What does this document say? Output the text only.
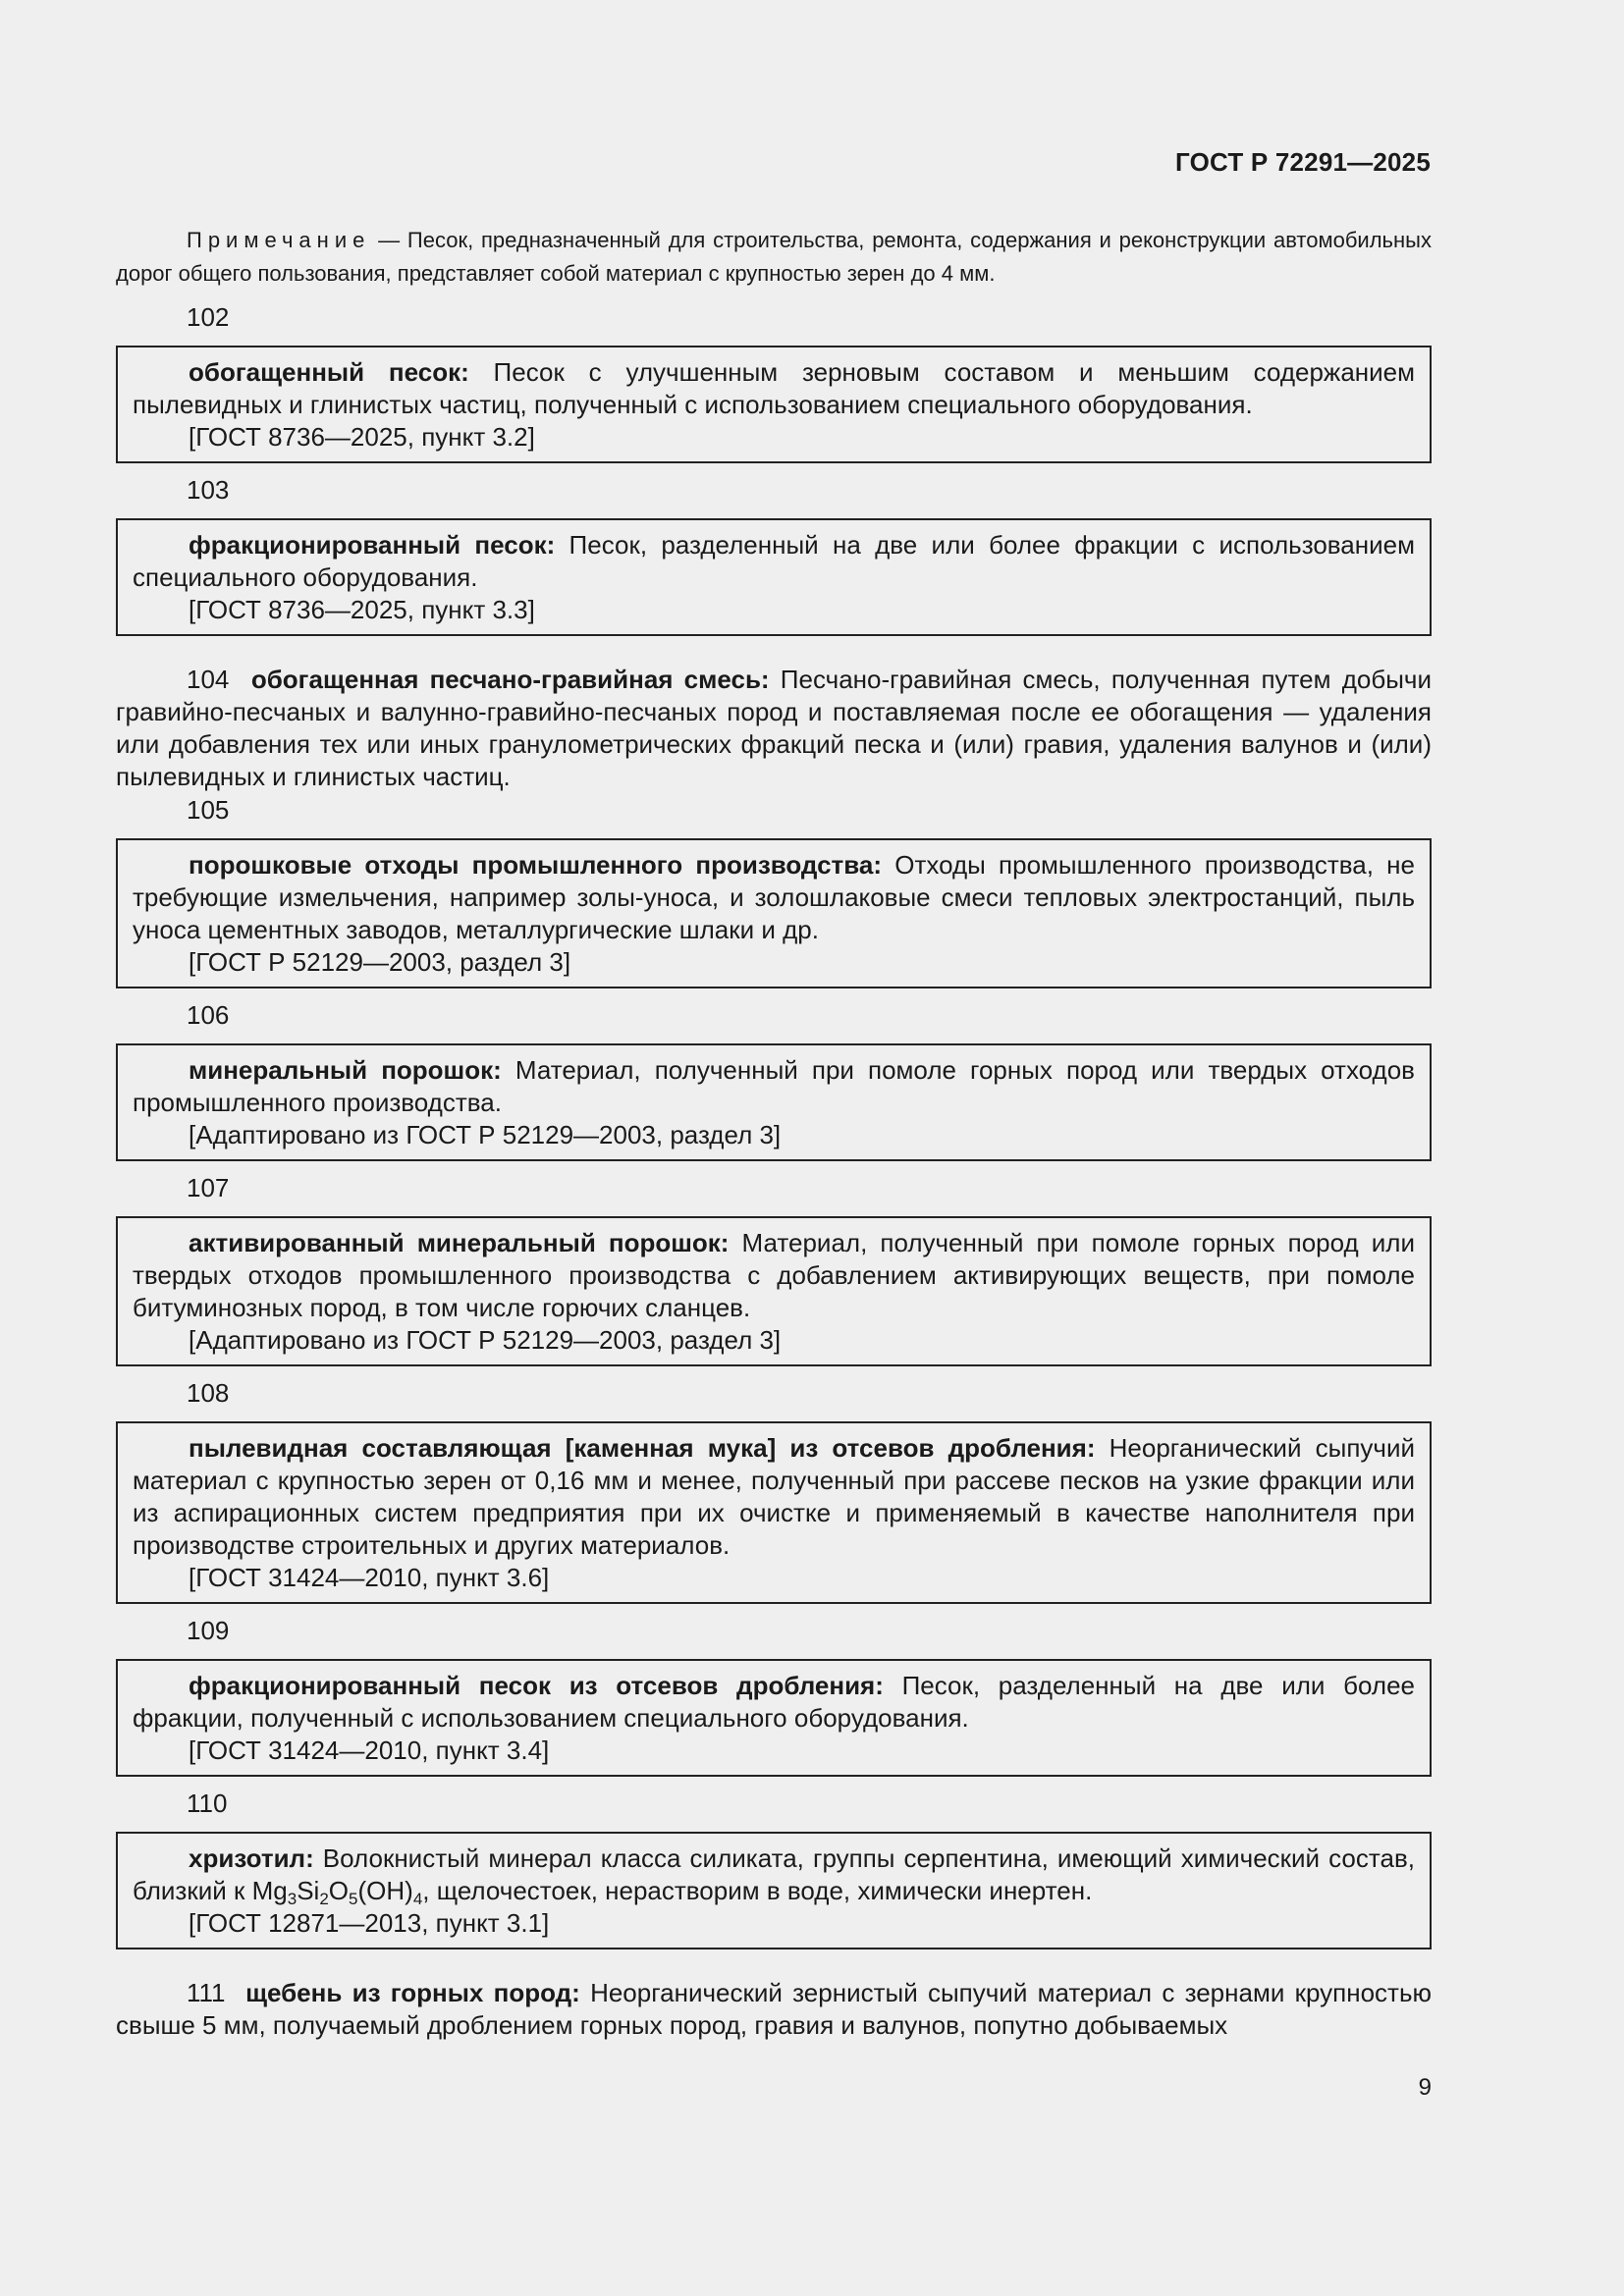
ГОСТ Р 72291—2025

Примечание — Песок, предназначенный для строительства, ремонта, содержания и реконструкции автомобильных дорог общего пользования, представляет собой материал с крупностью зерен до 4 мм.

102
обогащенный песок: Песок с улучшенным зерновым составом и меньшим содержанием пылевидных и глинистых частиц, полученный с использованием специального оборудования.
[ГОСТ 8736—2025, пункт 3.2]
103
фракционированный песок: Песок, разделенный на две или более фракции с использованием специального оборудования.
[ГОСТ 8736—2025, пункт 3.3]

104 обогащенная песчано-гравийная смесь: Песчано-гравийная смесь, полученная путем добычи гравийно-песчаных и валунно-гравийно-песчаных пород и поставляемая после ее обогащения — удаления или добавления тех или иных гранулометрических фракций песка и (или) гравия, удаления валунов и (или) пылевидных и глинистых частиц.

105
порошковые отходы промышленного производства: Отходы промышленного производства, не требующие измельчения, например золы-уноса, и золошлаковые смеси тепловых электростанций, пыль уноса цементных заводов, металлургические шлаки и др.
[ГОСТ Р 52129—2003, раздел 3]
106
минеральный порошок: Материал, полученный при помоле горных пород или твердых отходов промышленного производства.
[Адаптировано из ГОСТ Р 52129—2003, раздел 3]
107
активированный минеральный порошок: Материал, полученный при помоле горных пород или твердых отходов промышленного производства с добавлением активирующих веществ, при помоле битуминозных пород, в том числе горючих сланцев.
[Адаптировано из ГОСТ Р 52129—2003, раздел 3]
108
пылевидная составляющая [каменная мука] из отсевов дробления: Неорганический сыпучий материал с крупностью зерен от 0,16 мм и менее, полученный при рассеве песков на узкие фракции или из аспирационных систем предприятия при их очистке и применяемый в качестве наполнителя при производстве строительных и других материалов.
[ГОСТ 31424—2010, пункт 3.6]
109
фракционированный песок из отсевов дробления: Песок, разделенный на две или более фракции, полученный с использованием специального оборудования.
[ГОСТ 31424—2010, пункт 3.4]
110
хризотил: Волокнистый минерал класса силиката, группы серпентина, имеющий химический состав, близкий к $Mg_3Si_2O_5(OH)_4$, щелочестоек, нерастворим в воде, химически инертен.
[ГОСТ 12871—2013, пункт 3.1]

111 щебень из горных пород: Неорганический зернистый сыпучий материал с зернами крупностью свыше 5 мм, получаемый дроблением горных пород, гравия и валунов, попутно добываемых

9
